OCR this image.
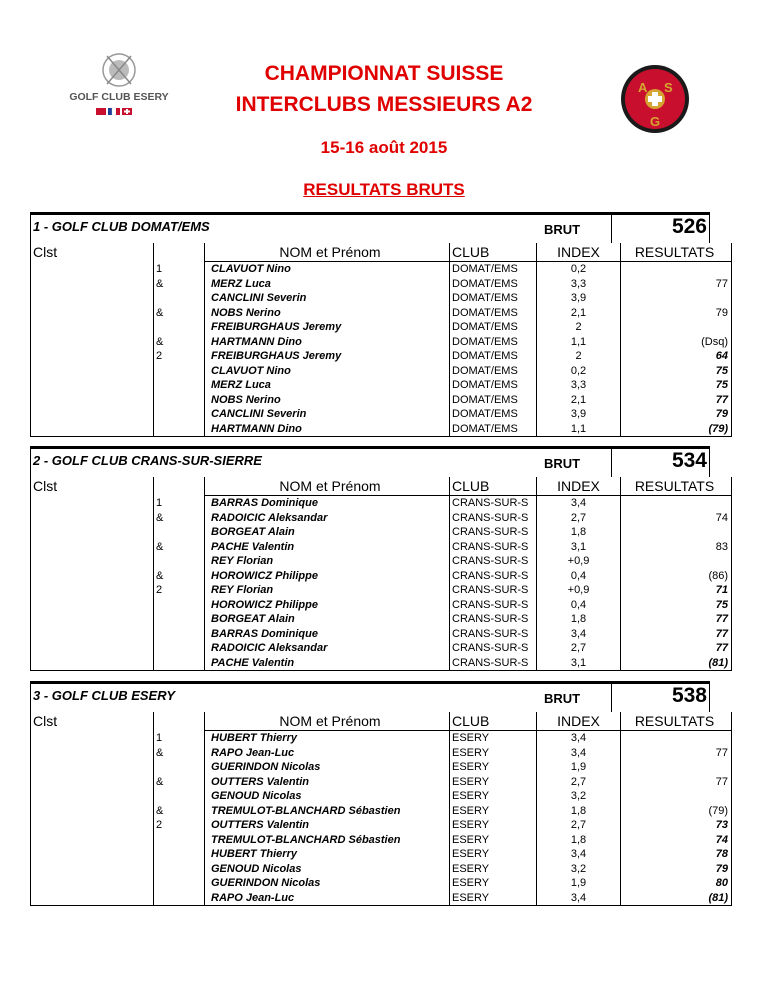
GOLF CLUB ESERY
CHAMPIONNAT SUISSE
INTERCLUBS MESSIEURS A2
15-16 août 2015
RESULTATS BRUTS
A S
G
1 - GOLF CLUB DOMAT/EMS	BRUT	526
Clst		NOM et Prénom	CLUB	INDEX	RESULTATS
	1	CLAVUOT Nino	DOMAT/EMS	0,2	
	&	MERZ Luca	DOMAT/EMS	3,3	77
		CANCLINI Severin	DOMAT/EMS	3,9	
	&	NOBS Nerino	DOMAT/EMS	2,1	79
		FREIBURGHAUS Jeremy	DOMAT/EMS	2	
	&	HARTMANN Dino	DOMAT/EMS	1,1	(Dsq)
	2	FREIBURGHAUS Jeremy	DOMAT/EMS	2	64
		CLAVUOT Nino	DOMAT/EMS	0,2	75
		MERZ Luca	DOMAT/EMS	3,3	75
		NOBS Nerino	DOMAT/EMS	2,1	77
		CANCLINI Severin	DOMAT/EMS	3,9	79
		HARTMANN Dino	DOMAT/EMS	1,1	(79)
2 - GOLF CLUB CRANS-SUR-SIERRE	BRUT	534
Clst		NOM et Prénom	CLUB	INDEX	RESULTATS
	1	BARRAS Dominique	CRANS-SUR-S	3,4	
	&	RADOICIC Aleksandar	CRANS-SUR-S	2,7	74
		BORGEAT Alain	CRANS-SUR-S	1,8	
	&	PACHE Valentin	CRANS-SUR-S	3,1	83
		REY Florian	CRANS-SUR-S	+0,9	
	&	HOROWICZ Philippe	CRANS-SUR-S	0,4	(86)
	2	REY Florian	CRANS-SUR-S	+0,9	71
		HOROWICZ Philippe	CRANS-SUR-S	0,4	75
		BORGEAT Alain	CRANS-SUR-S	1,8	77
		BARRAS Dominique	CRANS-SUR-S	3,4	77
		RADOICIC Aleksandar	CRANS-SUR-S	2,7	77
		PACHE Valentin	CRANS-SUR-S	3,1	(81)
3 - GOLF CLUB ESERY	BRUT	538
Clst		NOM et Prénom	CLUB	INDEX	RESULTATS
	1	HUBERT Thierry	ESERY	3,4	
	&	RAPO Jean-Luc	ESERY	3,4	77
		GUERINDON Nicolas	ESERY	1,9	
	&	OUTTERS Valentin	ESERY	2,7	77
		GENOUD Nicolas	ESERY	3,2	
	&	TREMULOT-BLANCHARD Sébastien	ESERY	1,8	(79)
	2	OUTTERS Valentin	ESERY	2,7	73
		TREMULOT-BLANCHARD Sébastien	ESERY	1,8	74
		HUBERT Thierry	ESERY	3,4	78
		GENOUD Nicolas	ESERY	3,2	79
		GUERINDON Nicolas	ESERY	1,9	80
		RAPO Jean-Luc	ESERY	3,4	(81)
